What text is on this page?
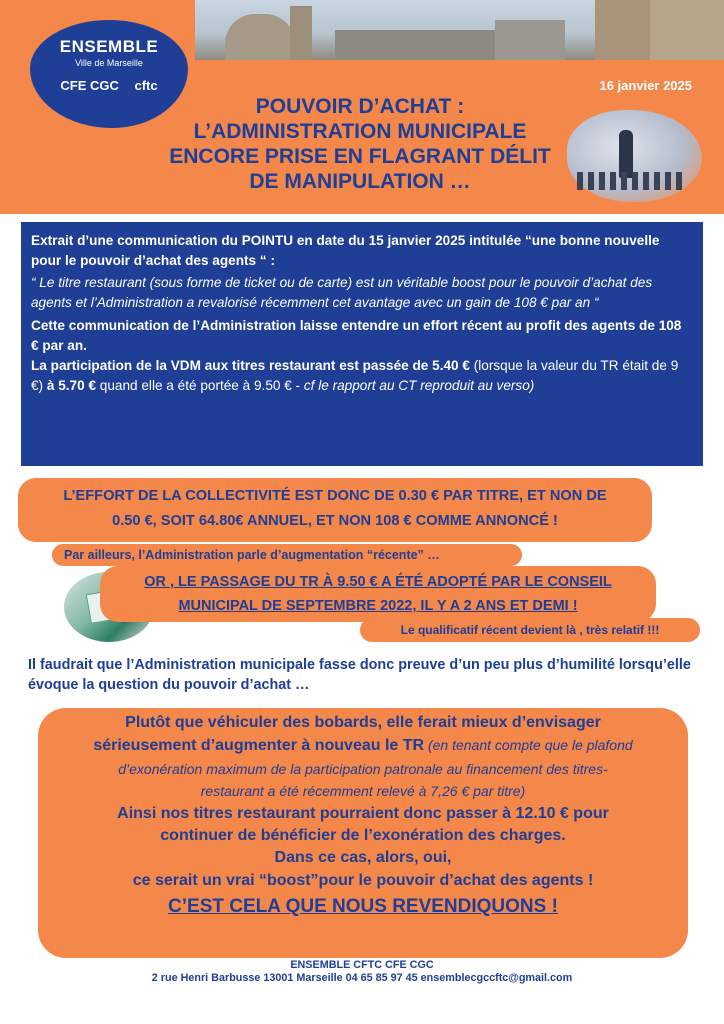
ENSEMBLE
Ville de Marseille
CFE CGC cftc	16 janvier 2025
POUVOIR D’ACHAT :
L’ADMINISTRATION MUNICIPALE
ENCORE PRISE EN FLAGRANT DÉLIT
DE MANIPULATION …

Extrait d’une communication du POINTU en date du 15 janvier 2025 intitulée “une bonne nouvelle pour le pouvoir d’achat des agents “ :

“ Le titre restaurant (sous forme de ticket ou de carte) est un véritable boost pour le pouvoir d’achat des agents et l’Administration a revalorisé récemment cet avantage avec un gain de 108 € par an “

Cette communication de l’Administration laisse entendre un effort récent au profit des agents de 108 € par an.

La participation de la VDM aux titres restaurant est passée de 5.40 € (lorsque la valeur du TR était de 9 €) à 5.70 € quand elle a été portée à 9.50 € - cf le rapport au CT reproduit au verso)

L’EFFORT DE LA COLLECTIVITÉ EST DONC DE 0.30 € PAR TITRE, ET NON DE
0.50 €, SOIT 64.80€ ANNUEL, ET NON 108 € COMME ANNONCÉ !
Par ailleurs, l’Administration parle d’augmentation “récente” …
OR , LE PASSAGE DU TR À 9.50 € A ÉTÉ ADOPTÉ PAR LE CONSEIL
MUNICIPAL DE SEPTEMBRE 2022, IL Y A 2 ANS ET DEMI !
Le qualificatif récent devient là , très relatif !!!
Il faudrait que l’Administration municipale fasse donc preuve d’un peu plus d’humilité lorsqu’elle évoque la question du pouvoir d’achat …
Plutôt que véhiculer des bobards, elle ferait mieux d’envisager
sérieusement d’augmenter à nouveau le TR (en tenant compte que le plafond
d’exonération maximum de la participation patronale au financement des titres-
restaurant a été récemment relevé à 7,26 € par titre)
Ainsi nos titres restaurant pourraient donc passer à 12.10 € pour
continuer de bénéficier de l’exonération des charges.
Dans ce cas, alors, oui,
ce serait un vrai “boost”pour le pouvoir d’achat des agents !
C’EST CELA QUE NOUS REVENDIQUONS !
ENSEMBLE CFTC CFE CGC
2 rue Henri Barbusse 13001 Marseille 04 65 85 97 45 ensemblecgccftc@gmail.com
